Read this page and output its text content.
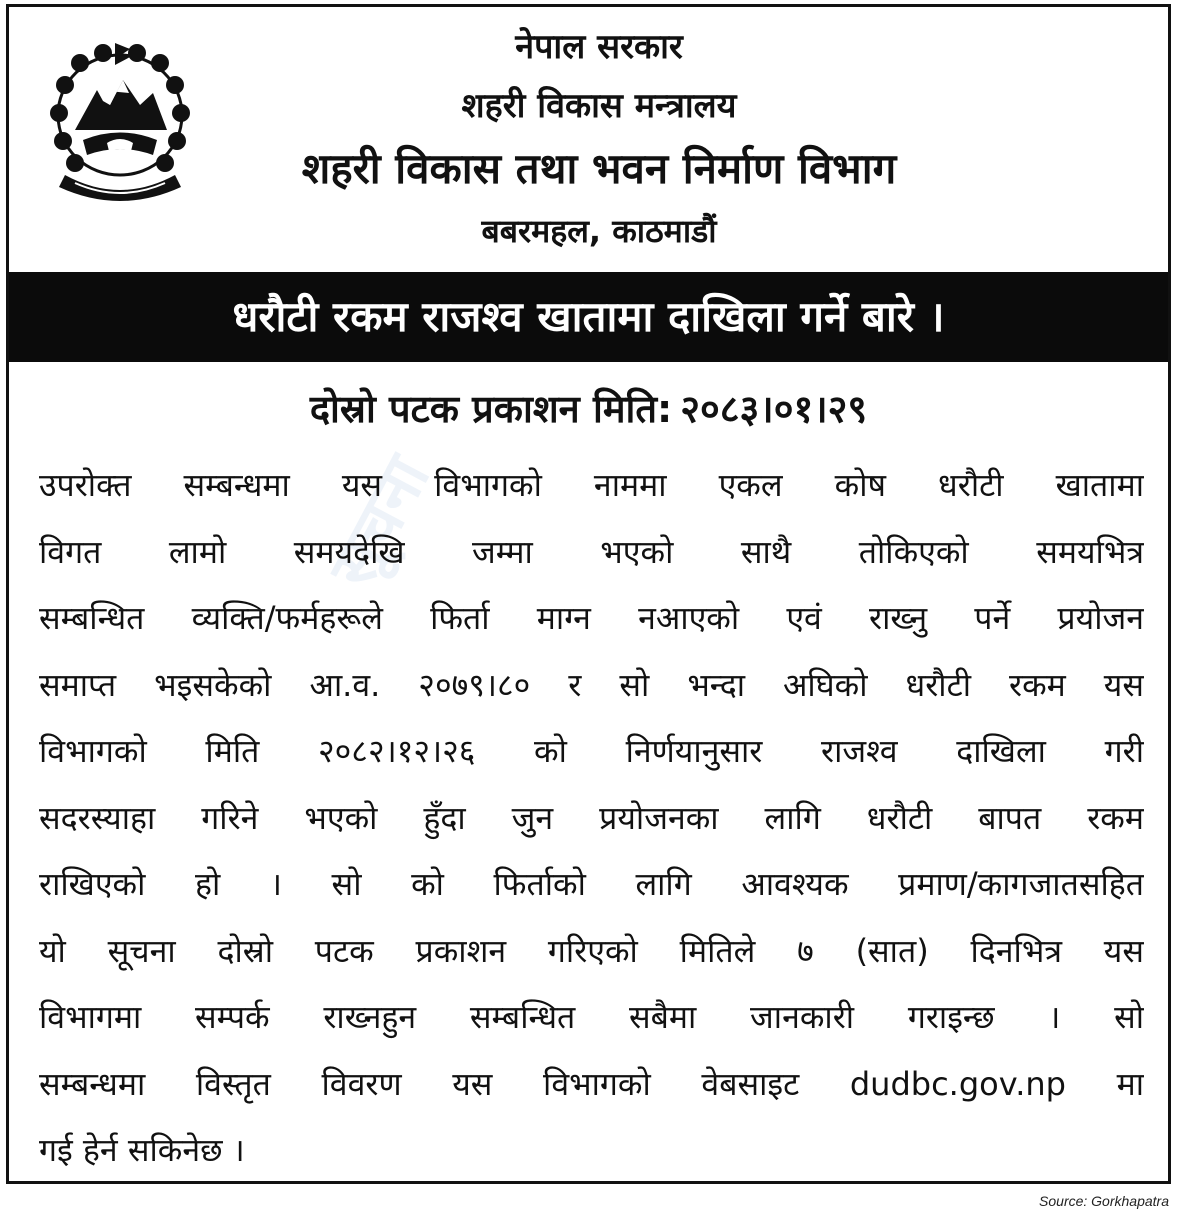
नेपाल सरकार
शहरी विकास मन्त्रालय
शहरी विकास तथा भवन निर्माण विभाग
बबरमहल, काठमाडौं
धरौटी रकम राजश्व खातामा दाखिला गर्ने बारे ।
दोस्रो पटक प्रकाशन मिति: २०८३।०१।२९
सूचना
उपरोक्त सम्बन्धमा यस विभागको नाममा एकल कोष धरौटी खातामा
विगत लामो समयदेखि जम्मा भएको साथै तोकिएको समयभित्र
सम्बन्धित व्यक्ति/फर्महरूले फिर्ता माग्न नआएको एवं राख्नु पर्ने प्रयोजन
समाप्त भइसकेको आ.व. २०७९।८० र सो भन्दा अघिको धरौटी रकम यस
विभागको मिति २०८२।१२।२६ को निर्णयानुसार राजश्व दाखिला गरी
सदरस्याहा गरिने भएको हुँदा जुन प्रयोजनका लागि धरौटी बापत रकम
राखिएको हो । सो को फिर्ताको लागि आवश्यक प्रमाण/कागजातसहित
यो सूचना दोस्रो पटक प्रकाशन गरिएको मितिले ७ (सात) दिनभित्र यस
विभागमा सम्पर्क राख्नहुन सम्बन्धित सबैमा जानकारी गराइन्छ । सो
सम्बन्धमा विस्तृत विवरण यस विभागको वेबसाइट dudbc.gov.np मा
गई हेर्न सकिनेछ ।
Source: Gorkhapatra
